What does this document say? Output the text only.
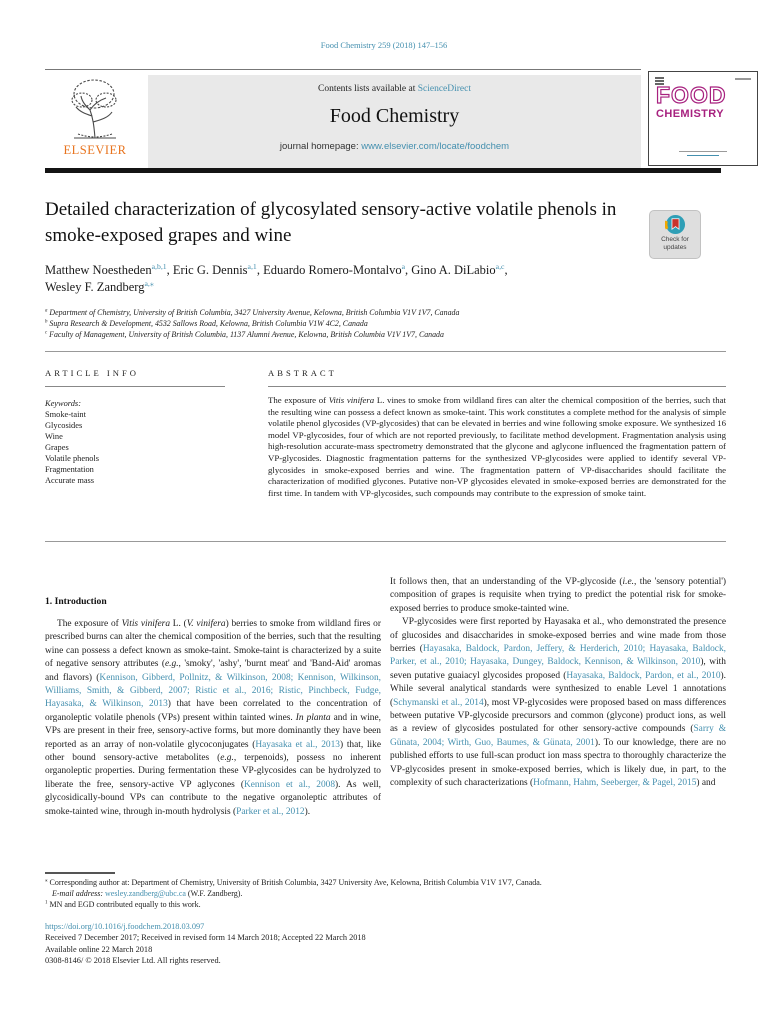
Food Chemistry 259 (2018) 147–156
ELSEVIER
Contents lists available at ScienceDirect
Food Chemistry
journal homepage: www.elsevier.com/locate/foodchem
FOOD
CHEMISTRY
Detailed characterization of glycosylated sensory-active volatile phenols in smoke-exposed grapes and wine	Check for
updates
Matthew Noestheden$^{a,b,1}$, Eric G. Dennis$^{a,1}$, Eduardo Romero-Montalvo$^a$, Gino A. DiLabio$^{a,c}$,
Wesley F. Zandberg$^{a,⁎}$
$^a$ Department of Chemistry, University of British Columbia, 3427 University Avenue, Kelowna, British Columbia V1V 1V7, Canada
$^b$ Supra Research & Development, 4532 Sallows Road, Kelowna, British Columbia V1W 4C2, Canada
$^c$ Faculty of Management, University of British Columbia, 1137 Alumni Avenue, Kelowna, British Columbia V1V 1V7, Canada
ARTICLE INFO
Keywords:
Smoke-taint
Glycosides
Wine
Grapes
Volatile phenols
Fragmentation
Accurate mass
ABSTRACT
The exposure of Vitis vinifera L. vines to smoke from wildland fires can alter the chemical composition of the berries, such that the resulting wine can possess a defect known as smoke-taint. This work constitutes a complete method for the analysis of simple volatile phenol glycosides (VP-glycosides) that can be elevated in berries and wine following smoke exposure. We synthesized 16 model VP-glycosides, four of which are not reported previously, to facilitate method development. Fragmentation analysis using high-resolution accurate-mass spectrometry demonstrated that the glycone and aglycone influenced the fragmentation pattern of VP-glycosides. Diagnostic fragmentation patterns for the synthesized VP-glycosides were applied to identify several VP-glycosides in smoke-exposed berries and wine. The fragmentation pattern of VP-disaccharides should facilitate the characterization of modified glycones. Putative non-VP glycosides elevated in smoke-exposed berries are demonstrated for the first time. In tandem with VP-glycosides, such compounds may contribute to the expression of smoke taint.
1. Introduction

The exposure of Vitis vinifera L. (V. vinifera) berries to smoke from wildland fires or prescribed burns can alter the chemical composition of the berries, such that the resulting wine can possess a defect known as smoke-taint. Smoke-taint is characterized by a suite of negative sensory attributes (e.g., 'smoky', 'ashy', 'burnt meat' and 'Band-Aid' aromas and flavors) (Kennison, Gibberd, Pollnitz, & Wilkinson, 2008; Kennison, Wilkinson, Williams, Smith, & Gibberd, 2007; Ristic et al., 2016; Ristic, Pinchbeck, Fudge, Hayasaka, & Wilkinson, 2013) that have been correlated to the concentration of organoleptic volatile phenols (VPs) present within tainted wines. In planta and in wine, VPs are present in their free, sensory-active forms, but more dominantly they have been reported as an array of non-volatile glycoconjugates (Hayasaka et al., 2013) that, like other bound sensory-active metabolites (e.g., terpenoids), possess no inherent organoleptic properties. During fermentation these VP-glycosides can be hydrolyzed to liberate the free, sensory-active VP aglycones (Kennison et al., 2008). As well, glycosidically-bound VPs can contribute to the negative organoleptic attributes of smoke-tainted wine, through in-mouth hydrolysis (Parker et al., 2012).

It follows then, that an understanding of the VP-glycoside (i.e., the 'sensory potential') composition of grapes is requisite when trying to predict the potential risk for smoke-exposed berries to produce smoke-tainted wine.

VP-glycosides were first reported by Hayasaka et al., who demonstrated the presence of glucosides and disaccharides in smoke-exposed berries and wine made from those berries (Hayasaka, Baldock, Pardon, Jeffery, & Herderich, 2010; Hayasaka, Baldock, Parker, et al., 2010; Hayasaka, Dungey, Baldock, Kennison, & Wilkinson, 2010), with seven putative guaiacyl glycosides proposed (Hayasaka, Baldock, Pardon, et al., 2010). While several analytical standards were synthesized to enable Level 1 annotations (Schymanski et al., 2014), most VP-glycosides were proposed based on mass differences between putative VP-glycoside precursors and common (glycone) product ions, as well as a review of glycosides postulated for other sensory-active compounds (Sarry & Günata, 2004; Wirth, Guo, Baumes, & Günata, 2001). To our knowledge, there are no published efforts to use full-scan product ion mass spectra to thoroughly characterize the VP-glycosides present in smoke-exposed berries, which is likely due, in part, to the complexity of such characterizations (Hofmann, Hahm, Seeberger, & Pagel, 2015) and

⁎ Corresponding author at: Department of Chemistry, University of British Columbia, 3427 University Ave, Kelowna, British Columbia V1V 1V7, Canada.
E-mail address: wesley.zandberg@ubc.ca (W.F. Zandberg).
$^1$ MN and EGD contributed equally to this work.
https://doi.org/10.1016/j.foodchem.2018.03.097
Received 7 December 2017; Received in revised form 14 March 2018; Accepted 22 March 2018
Available online 22 March 2018
0308-8146/ © 2018 Elsevier Ltd. All rights reserved.
